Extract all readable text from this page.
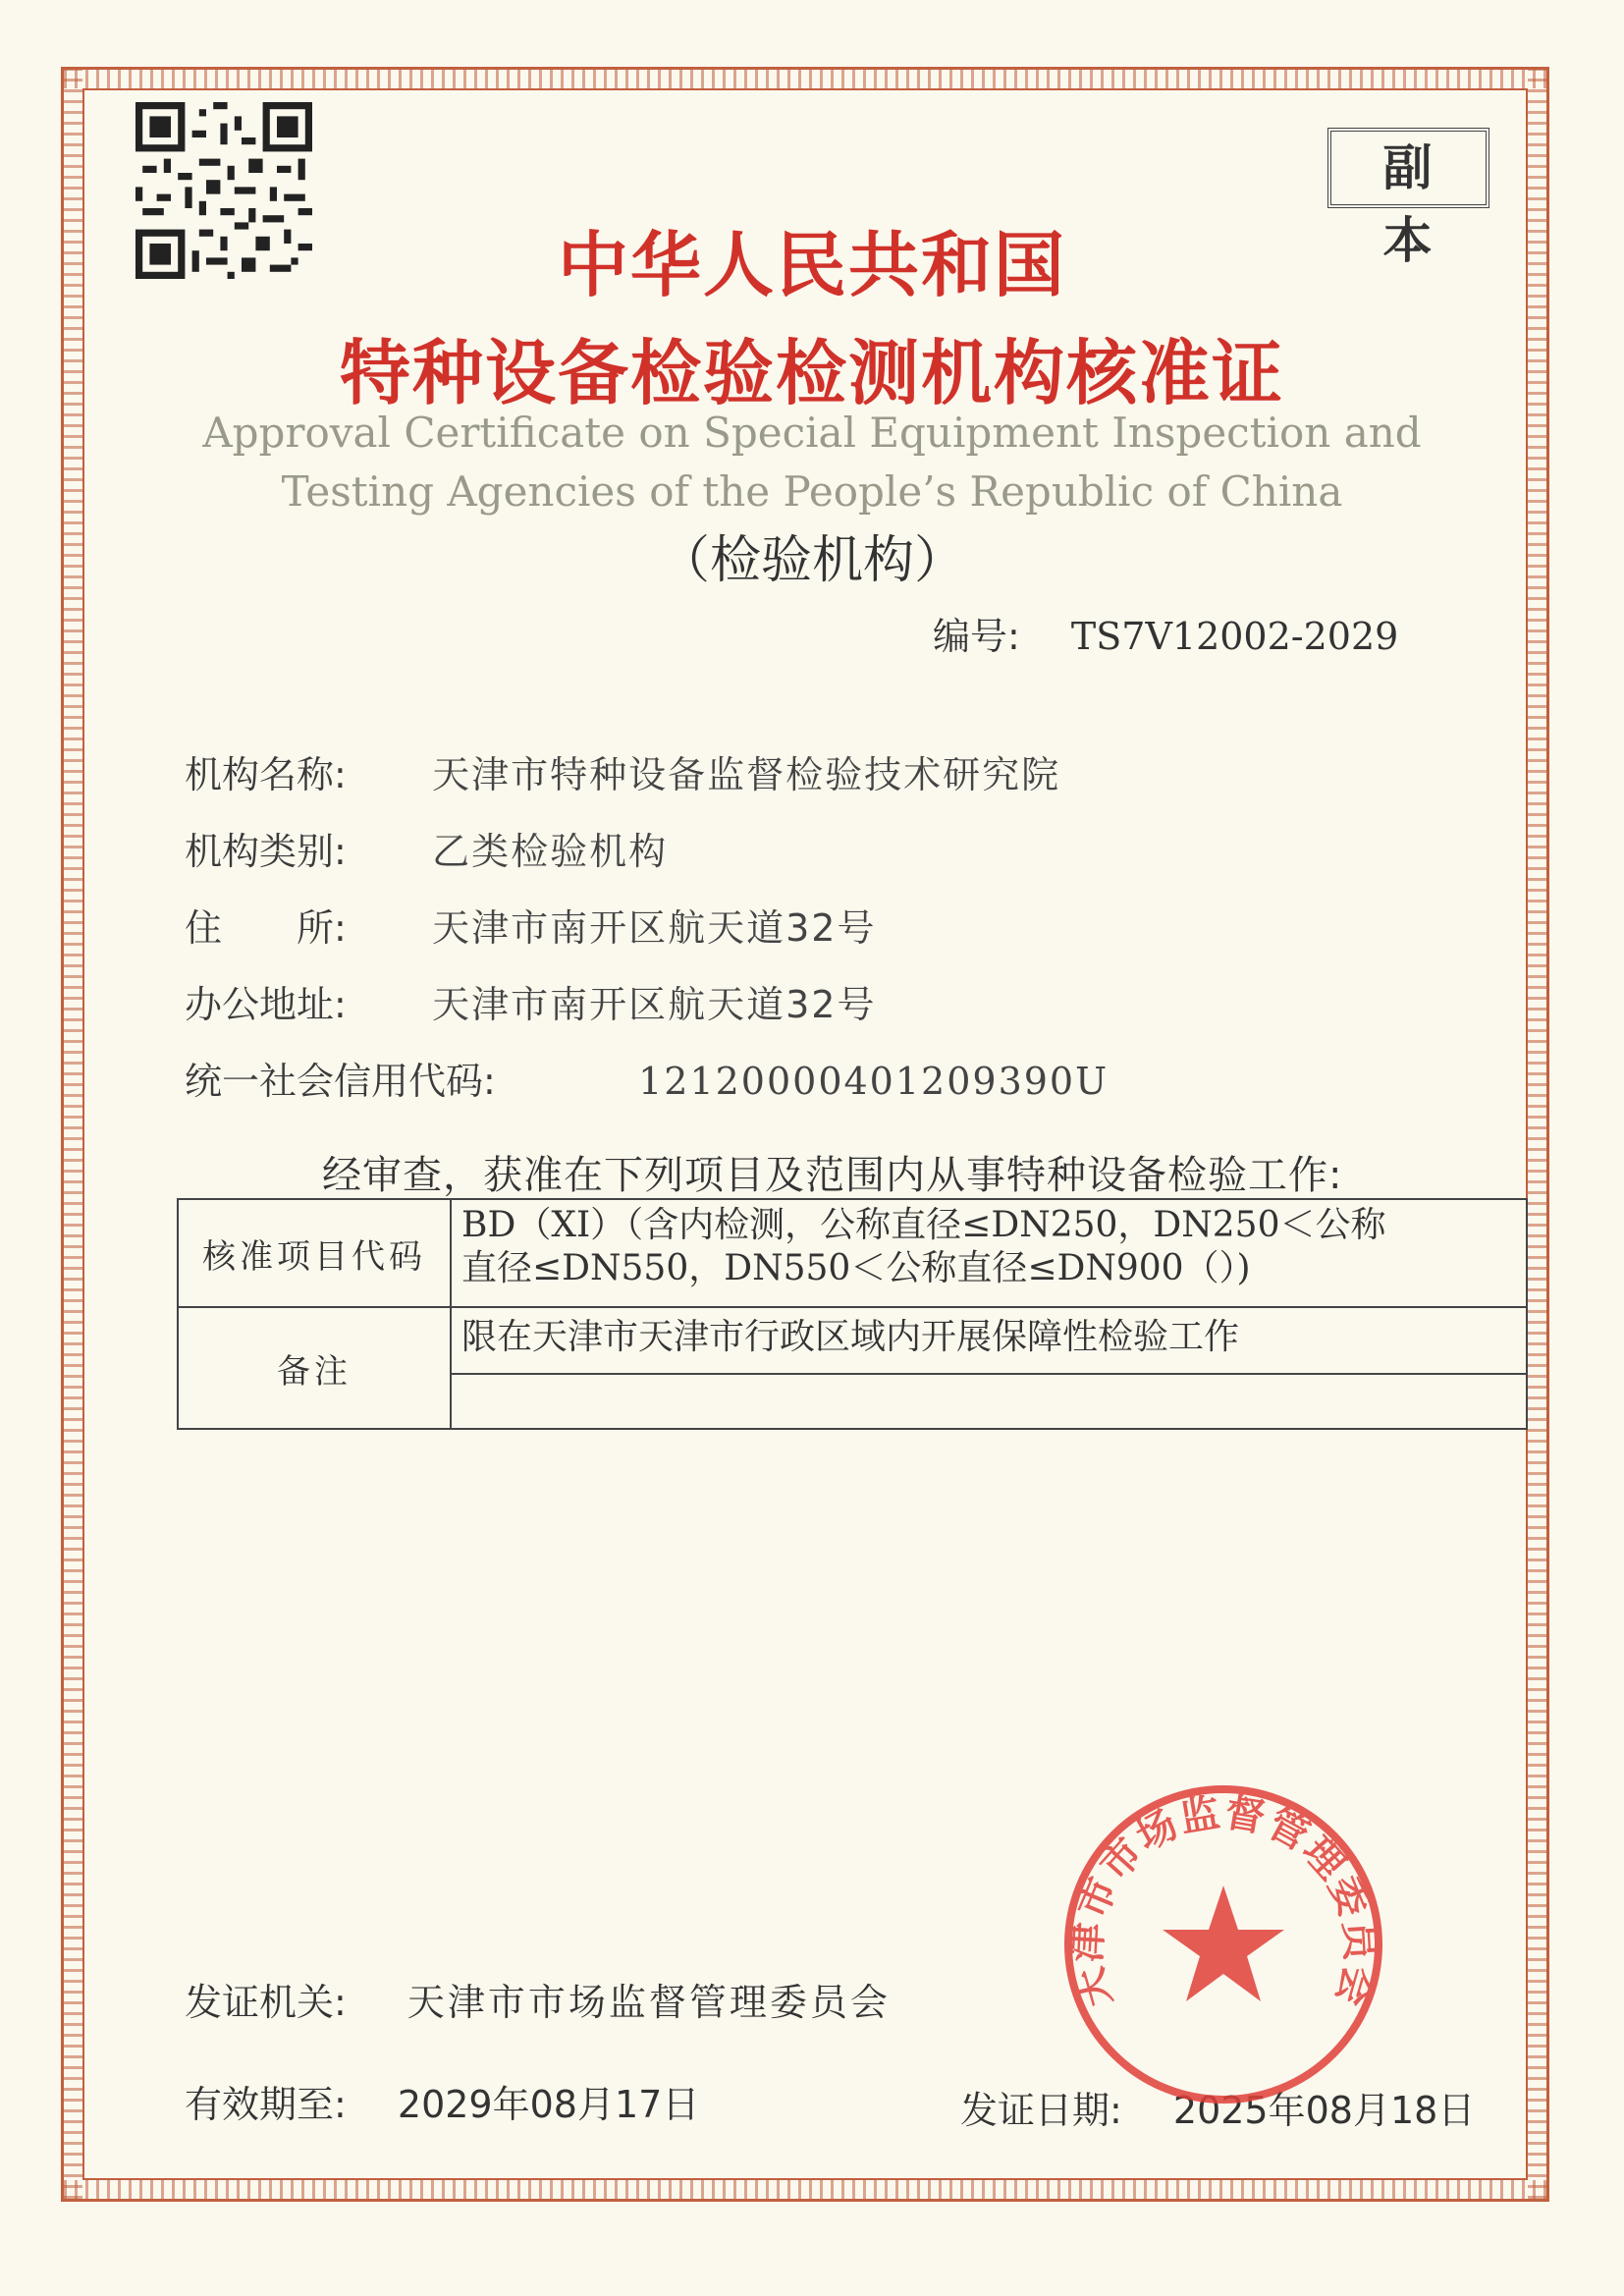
副本
中华人民共和国
特种设备检验检测机构核准证
Approval Certificate on Special Equipment Inspection and
Testing Agencies of the People’s Republic of China
（检验机构）
编号: TS7Ⅴ12002-2029
机构名称: 天津市特种设备监督检验技术研究院
机构类别: 乙类检验机构
住　　所: 天津市南开区航天道32号
办公地址: 天津市南开区航天道32号
统一社会信用代码:	12120000401209390U
经审查，获准在下列项目及范围内从事特种设备检验工作:
核准项目代码	BD（XI）（含内检测，公称直径≤DN250，DN250＜公称
直径≤DN550，DN550＜公称直径≤DN900（）)

备注	限在天津市天津市行政区域内开展保障性检验工作
发证机关: 天津市市场监督管理委员会
有效期至: 2029年08月17日	发证日期: 2025年08月18日
天津市市场监督管理委员会
